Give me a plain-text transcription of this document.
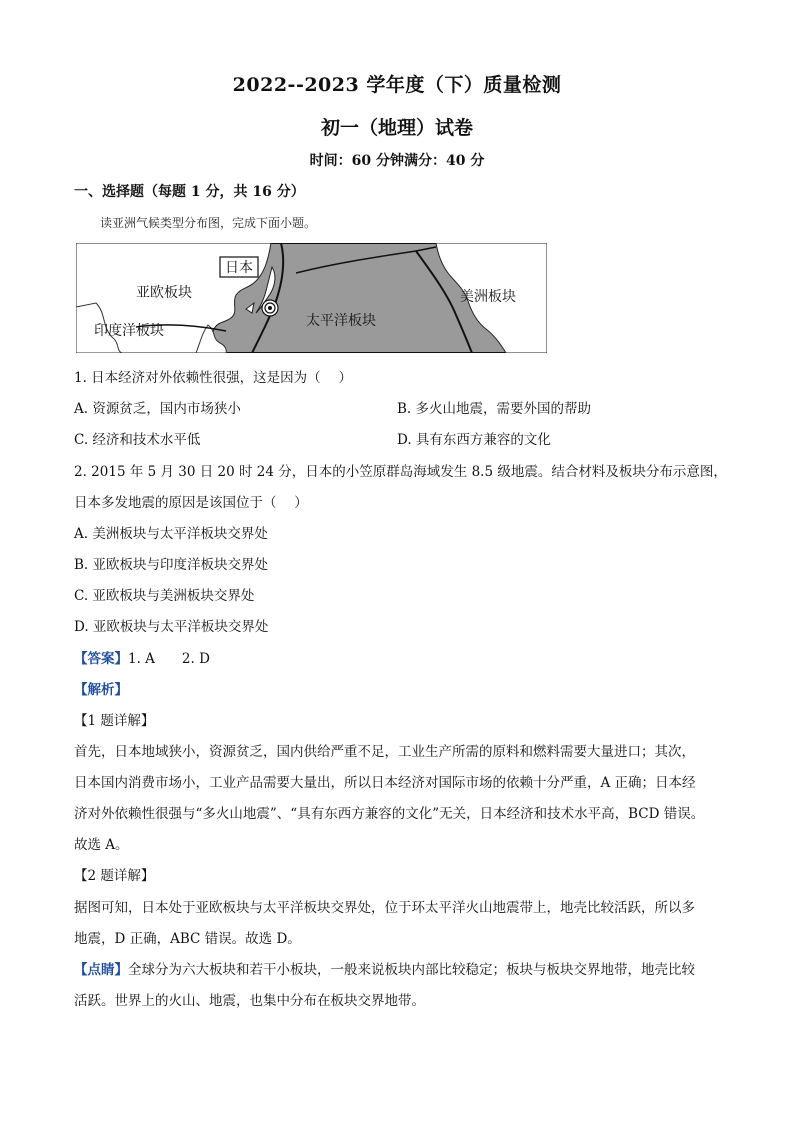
2022--2023 学年度（下）质量检测
初一（地理）试卷
时间：60 分钟满分：40 分
一、选择题（每题 1 分，共 16 分）
读亚洲气候类型分布图，完成下面小题。
日本
亚欧板块
印度洋板块
太平洋板块
美洲板块
1. 日本经济对外依赖性很强，这是因为（　 ）
A. 资源贫乏，国内市场狭小	B. 多火山地震，需要外国的帮助
C. 经济和技术水平低	D. 具有东西方兼容的文化
2. 2015 年 5 月 30 日 20 时 24 分，日本的小笠原群岛海域发生 8.5 级地震。结合材料及板块分布示意图，
日本多发地震的原因是该国位于（　 ）
A. 美洲板块与太平洋板块交界处
B. 亚欧板块与印度洋板块交界处
C. 亚欧板块与美洲板块交界处
D. 亚欧板块与太平洋板块交界处
【答案】1. A　　2. D
【解析】
【1 题详解】
首先，日本地域狭小，资源贫乏，国内供给严重不足，工业生产所需的原料和燃料需要大量进口；其次，
日本国内消费市场小，工业产品需要大量出，所以日本经济对国际市场的依赖十分严重，A 正确；日本经
济对外依赖性很强与“多火山地震”、“具有东西方兼容的文化”无关，日本经济和技术水平高，BCD 错误。
故选 A。
【2 题详解】
据图可知，日本处于亚欧板块与太平洋板块交界处，位于环太平洋火山地震带上，地壳比较活跃，所以多
地震，D 正确，ABC 错误。故选 D。
【点睛】全球分为六大板块和若干小板块，一般来说板块内部比较稳定；板块与板块交界地带，地壳比较
活跃。世界上的火山、地震，也集中分布在板块交界地带。
